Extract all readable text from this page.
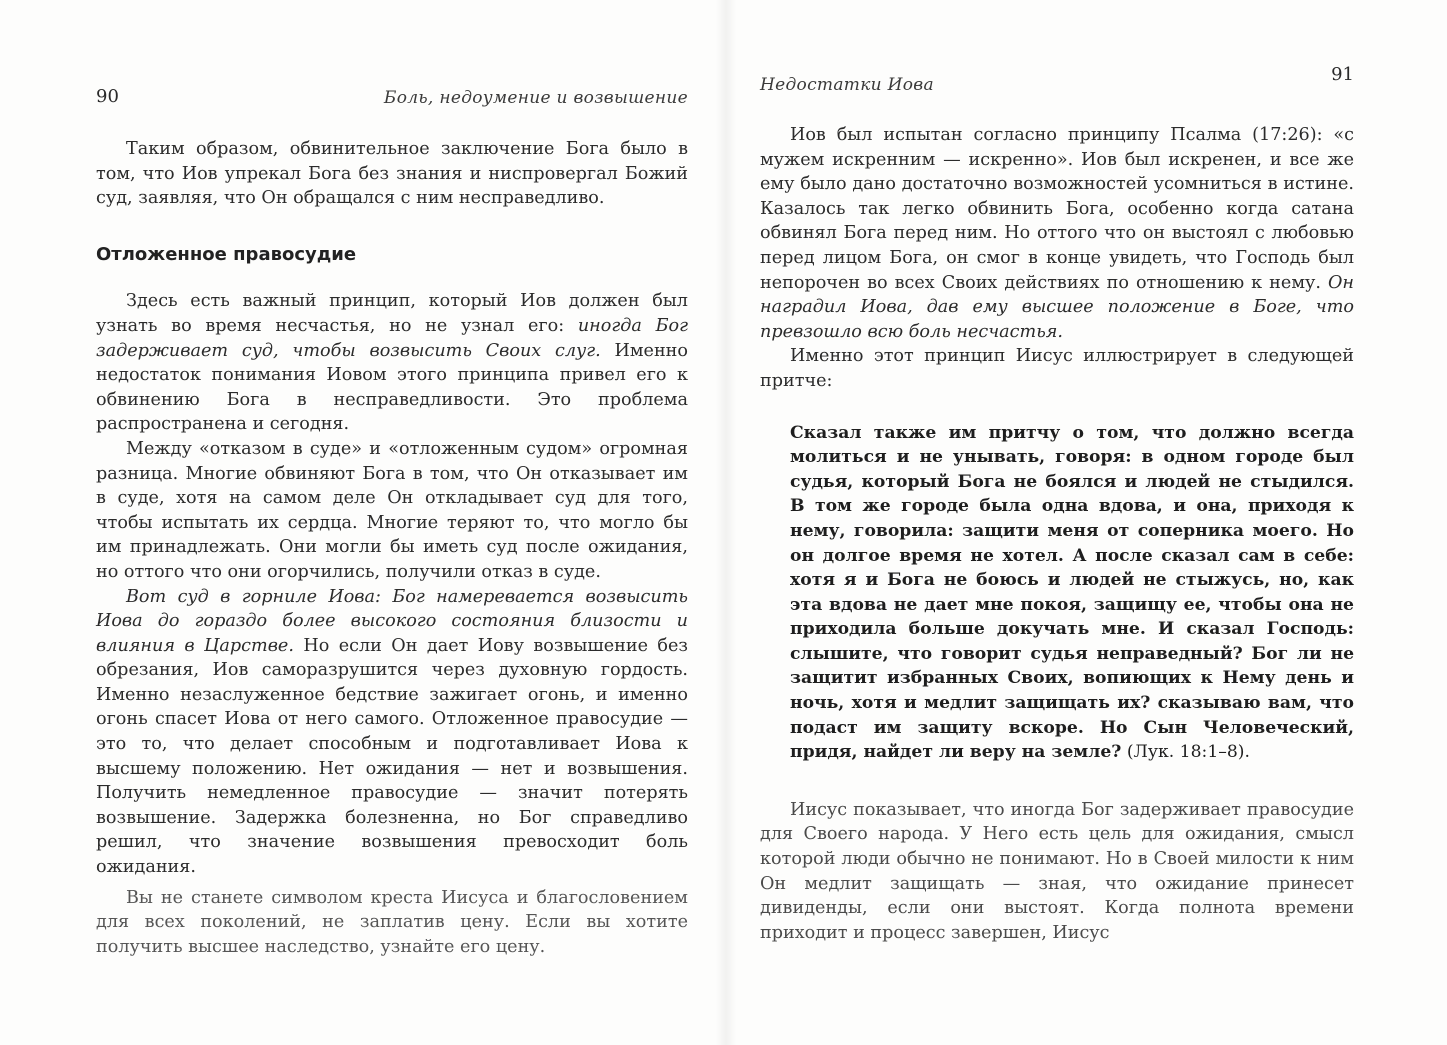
90	Боль, недоумение и возвышение

Таким образом, обвинительное заключение Бога было в том, что Иов упрекал Бога без знания и ниспровергал Божий суд, заявляя, что Он обращался с ним несправедливо.

Отложенное правосудие

Здесь есть важный принцип, который Иов должен был узнать во время несчастья, но не узнал его: иногда Бог задерживает суд, чтобы возвысить Своих слуг. Именно недостаток понимания Иовом этого принципа привел его к обвинению Бога в несправедливости. Это проблема распространена и сегодня.

Между «отказом в суде» и «отложенным судом» огромная разница. Многие обвиняют Бога в том, что Он отказывает им в суде, хотя на самом деле Он откладывает суд для того, чтобы испытать их сердца. Многие теряют то, что могло бы им принадлежать. Они могли бы иметь суд после ожидания, но оттого что они огорчились, получили отказ в суде.

Вот суд в горниле Иова: Бог намеревается возвысить Иова до гораздо более высокого состояния близости и влияния в Царстве. Но если Он дает Иову возвышение без обрезания, Иов саморазрушится через духовную гордость. Именно незаслуженное бедствие зажигает огонь, и именно огонь спасет Иова от него самого. Отложенное правосудие — это то, что делает способным и подготавливает Иова к высшему положению. Нет ожидания — нет и возвышения. Получить немедленное правосудие — значит потерять возвышение. Задержка болезненна, но Бог справедливо решил, что значение возвышения превосходит боль ожидания.

Вы не станете символом креста Иисуса и благословением для всех поколений, не заплатив цену. Если вы хотите получить высшее наследство, узнайте его цену.

Недостатки Иова	91

Иов был испытан согласно принципу Псалма (17:26): «с мужем искренним — искренно». Иов был искренен, и все же ему было дано достаточно возможностей усомниться в истине. Казалось так легко обвинить Бога, особенно когда сатана обвинял Бога перед ним. Но оттого что он выстоял с любовью перед лицом Бога, он смог в конце увидеть, что Господь был непорочен во всех Своих действиях по отношению к нему. Он наградил Иова, дав ему высшее положение в Боге, что превзошло всю боль несчастья.

Именно этот принцип Иисус иллюстрирует в следующей притче:

Сказал также им притчу о том, что должно всегда молиться и не унывать, говоря: в одном городе был судья, который Бога не боялся и людей не стыдился. В том же городе была одна вдова, и она, приходя к нему, говорила: защити меня от соперника моего. Но он долгое время не хотел. А после сказал сам в себе: хотя я и Бога не боюсь и людей не стыжусь, но, как эта вдова не дает мне покоя, защищу ее, чтобы она не приходила больше докучать мне. И сказал Господь: слышите, что говорит судья неправедный? Бог ли не защитит избранных Своих, вопиющих к Нему день и ночь, хотя и медлит защищать их? сказываю вам, что подаст им защиту вскоре. Но Сын Человеческий, придя, найдет ли веру на земле? (Лук. 18:1–8).

Иисус показывает, что иногда Бог задерживает правосудие для Своего народа. У Него есть цель для ожидания, смысл которой люди обычно не понимают. Но в Своей милости к ним Он медлит защищать — зная, что ожидание принесет дивиденды, если они выстоят. Когда полнота времени приходит и процесс завершен, Иисус
